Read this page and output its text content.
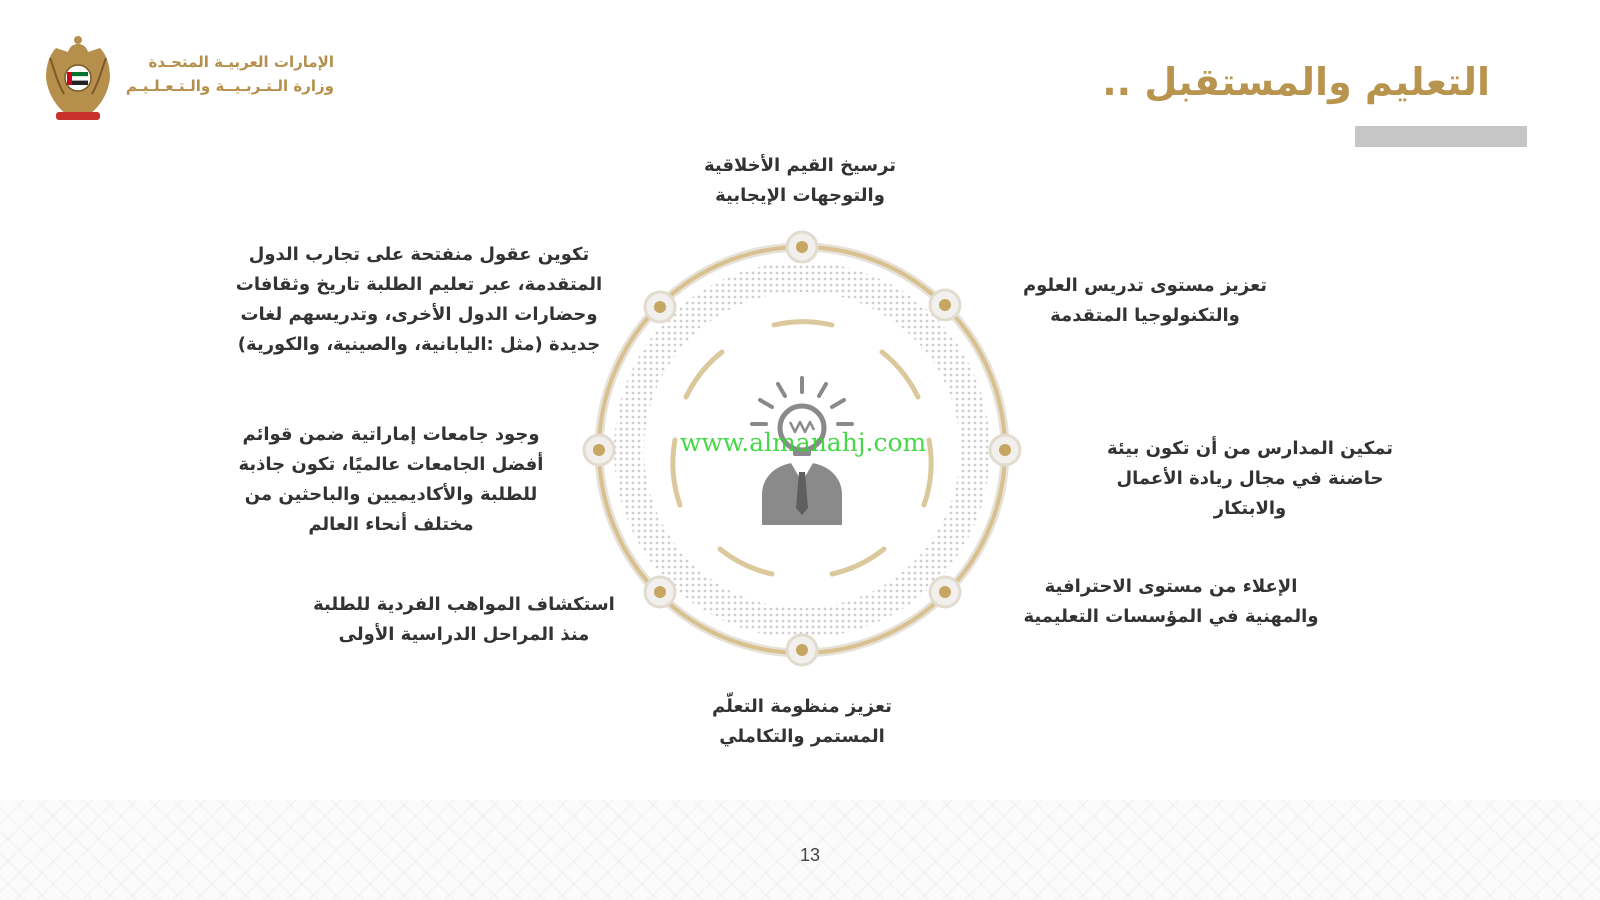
الإمارات العربيـة المتحـدة
وزارة الـتـربـيــة والـتـعـلـيـم	التعليم والمستقبل ..
ترسيخ القيم الأخلاقية
والتوجهات الإيجابية
تكوين عقول منفتحة على تجارب الدول
المتقدمة، عبر تعليم الطلبة تاريخ وثقافات
وحضارات الدول الأخرى، وتدريسهم لغات
جديدة (مثل :اليابانية، والصينية، والكورية)
وجود جامعات إماراتية ضمن قوائم
أفضل الجامعات عالميًا، تكون جاذبة
للطلبة والأكاديميين والباحثين من
مختلف أنحاء العالم
استكشاف المواهب الفردية للطلبة
منذ المراحل الدراسية الأولى
تعزيز منظومة التعلّم
المستمر والتكاملي
الإعلاء من مستوى الاحترافية
والمهنية في المؤسسات التعليمية
تمكين المدارس من أن تكون بيئة
حاضنة في مجال ريادة الأعمال
والابتكار
تعزيز مستوى تدريس العلوم
والتكنولوجيا المتقدمة
www.almanahj.com
13
